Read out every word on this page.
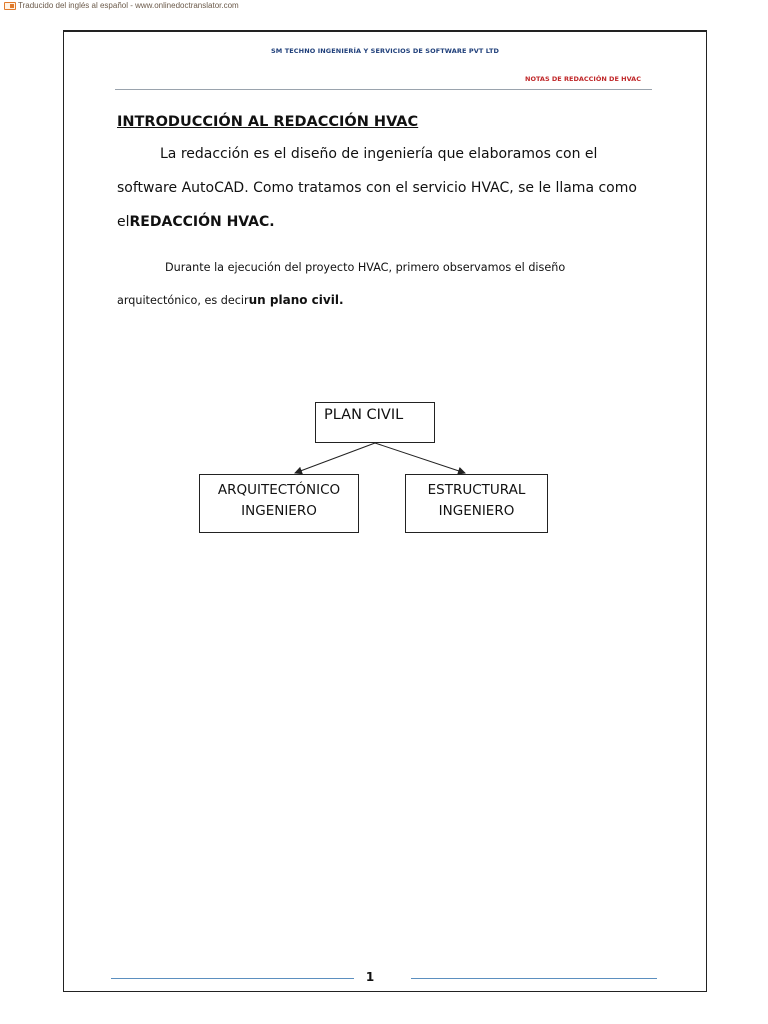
Traducido del inglés al español - www.onlinedoctranslator.com
SM TECHNO INGENIERÍA Y SERVICIOS DE SOFTWARE PVT LTD
NOTAS DE REDACCIÓN DE HVAC
INTRODUCCIÓN AL REDACCIÓN HVAC
La redacción es el diseño de ingeniería que elaboramos con el
software AutoCAD. Como tratamos con el servicio HVAC, se le llama como
elREDACCIÓN HVAC.
Durante la ejecución del proyecto HVAC, primero observamos el diseño
arquitectónico, es decirun plano civil.
PLAN CIVIL
ARQUITECTÓNICO
INGENIERO
ESTRUCTURAL
INGENIERO
1
